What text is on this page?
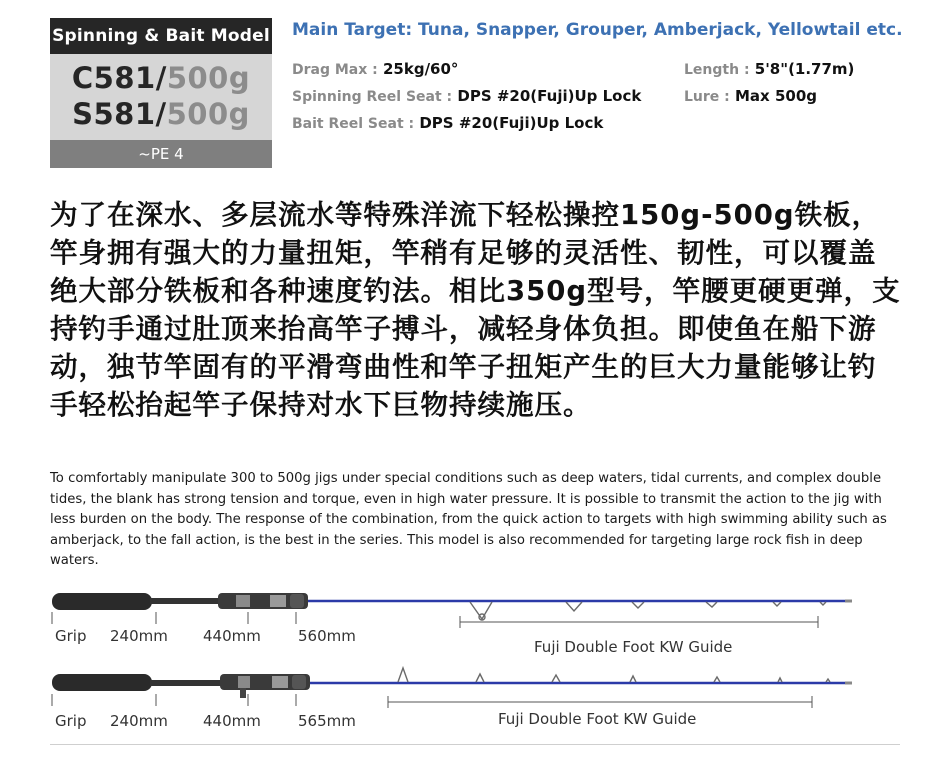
Spinning & Bait Model
C581/500g
S581/500g
~PE 4
Main Target: Tuna, Snapper, Grouper, Amberjack, Yellowtail etc.
Drag Max : 25kg/60°	Length : 5'8"(1.77m)
Spinning Reel Seat : DPS #20(Fuji)Up Lock	Lure : Max 500g
Bait Reel Seat : DPS #20(Fuji)Up Lock
为了在深水、多层流水等特殊洋流下轻松操控150g-500g铁板，竿身拥有强大的力量扭矩，竿稍有足够的灵活性、韧性，可以覆盖绝大部分铁板和各种速度钓法。相比350g型号，竿腰更硬更弹，支持钓手通过肚顶来抬高竿子搏斗，减轻身体负担。即使鱼在船下游动，独节竿固有的平滑弯曲性和竿子扭矩产生的巨大力量能够让钓手轻松抬起竿子保持对水下巨物持续施压。
To comfortably manipulate 300 to 500g jigs under special conditions such as deep waters, tidal currents, and complex double tides, the blank has strong tension and torque, even in high water pressure. It is possible to transmit the action to the jig with less burden on the body. The response of the combination, from the quick action to targets with high swimming ability such as amberjack, to the fall action, is the best in the series. This model is also recommended for targeting large rock fish in deep waters.
Grip 240mm 440mm 560mm
Fuji Double Foot KW Guide
Grip 240mm 440mm 565mm	Fuji Double Foot KW Guide
